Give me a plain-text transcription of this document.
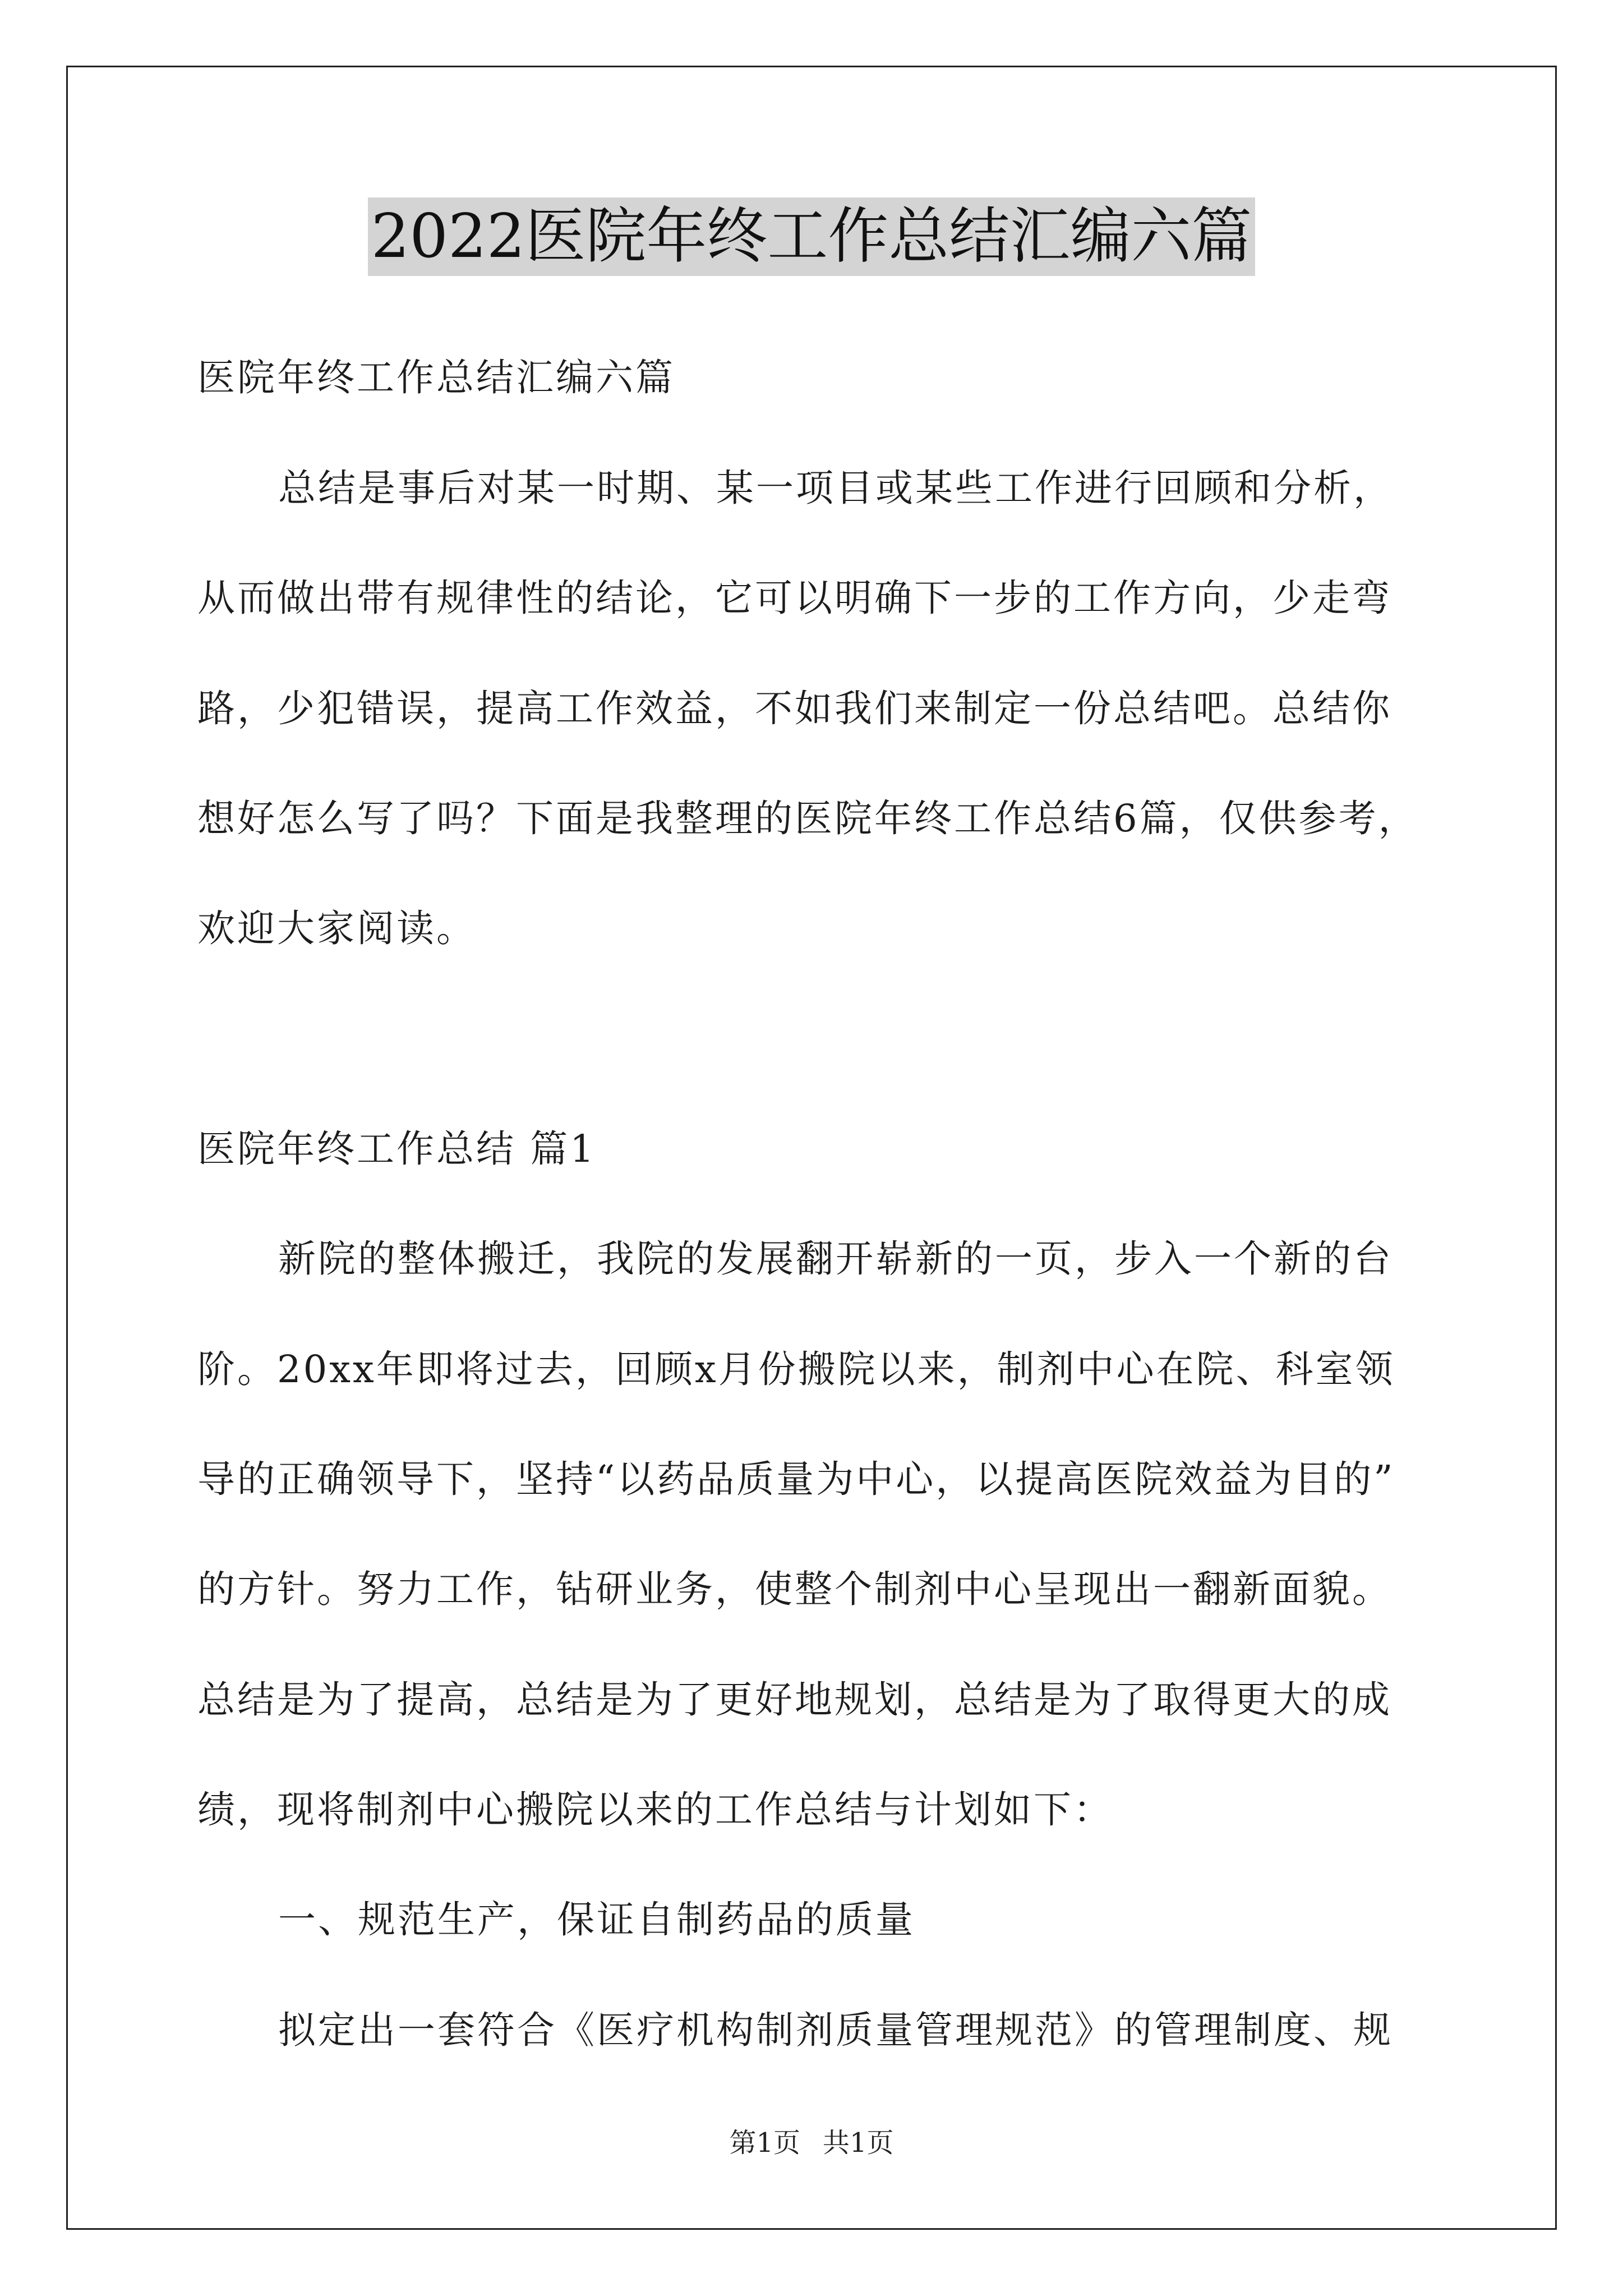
2022医院年终工作总结汇编六篇
医院年终工作总结汇编六篇
总结是事后对某一时期、某一项目或某些工作进行回顾和分析，
从而做出带有规律性的结论，它可以明确下一步的工作方向，少走弯
路，少犯错误，提高工作效益，不如我们来制定一份总结吧。总结你
想好怎么写了吗？下面是我整理的医院年终工作总结6篇，仅供参考，
欢迎大家阅读。
医院年终工作总结 篇1
新院的整体搬迁，我院的发展翻开崭新的一页，步入一个新的台
阶。20xx年即将过去，回顾x月份搬院以来，制剂中心在院、科室领
导的正确领导下，坚持“以药品质量为中心，以提高医院效益为目的”
的方针。努力工作，钻研业务，使整个制剂中心呈现出一翻新面貌。
总结是为了提高，总结是为了更好地规划，总结是为了取得更大的成
绩，现将制剂中心搬院以来的工作总结与计划如下：
一、规范生产，保证自制药品的质量
拟定出一套符合《医疗机构制剂质量管理规范》的管理制度、规
第1页 共1页
